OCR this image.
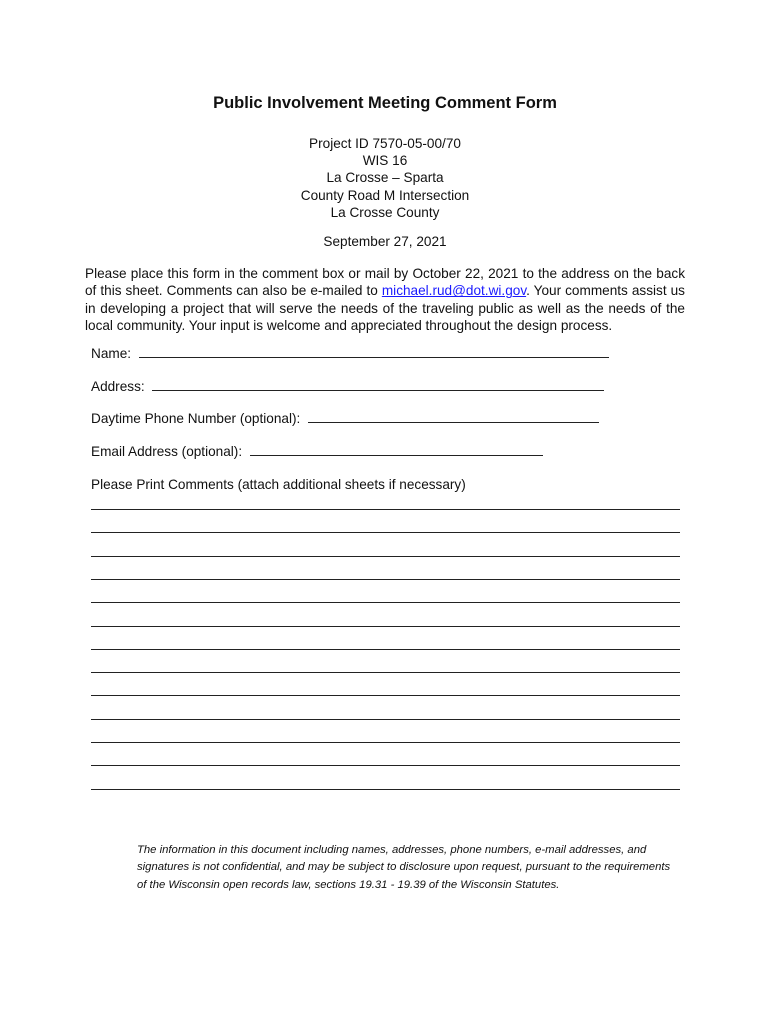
Public Involvement Meeting Comment Form
Project ID 7570-05-00/70
WIS 16
La Crosse – Sparta
County Road M Intersection
La Crosse County
September 27, 2021

Please place this form in the comment box or mail by October 22, 2021 to the address on the back of this sheet. Comments can also be e-mailed to michael.rud@dot.wi.gov. Your comments assist us in developing a project that will serve the needs of the traveling public as well as the needs of the local community. Your input is welcome and appreciated throughout the design process.

Name:
Address:
Daytime Phone Number (optional):
Email Address (optional):
Please Print Comments (attach additional sheets if necessary)

The information in this document including names, addresses, phone numbers, e-mail addresses, and signatures is not confidential, and may be subject to disclosure upon request, pursuant to the requirements of the Wisconsin open records law, sections 19.31 - 19.39 of the Wisconsin Statutes.
